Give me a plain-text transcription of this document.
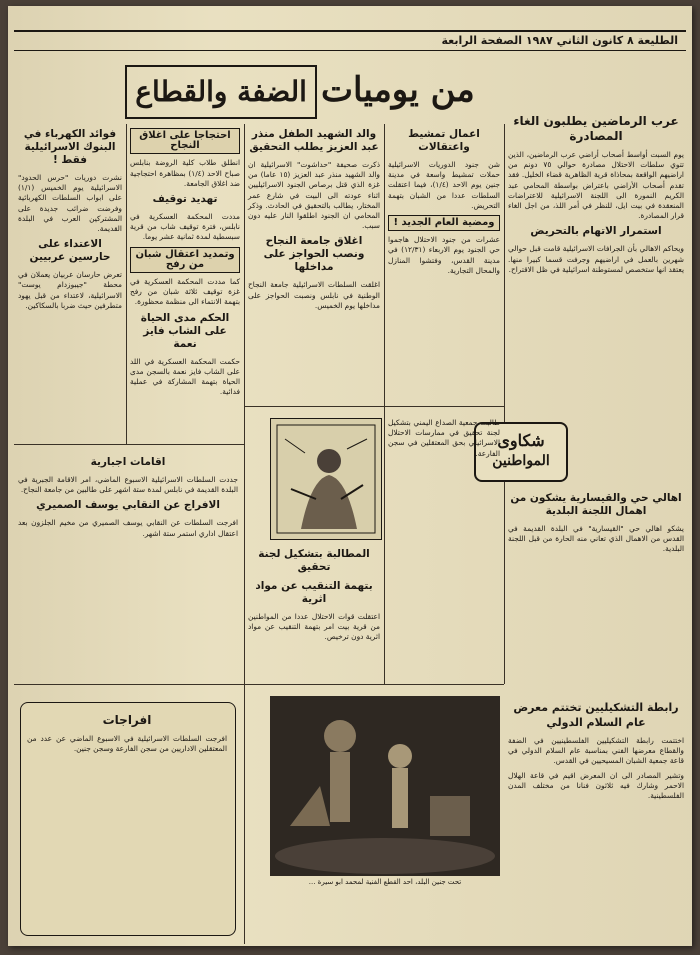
الطليعة ٨ كانون الثاني ١٩٨٧ الصفحة الرابعة
من يومياتالضفة والقطاع
عرب الرماضين يطلبون الغاء المصادرة

يوم السبت أواسط أصحاب أراضي عرب الرماضين، الذين تتوي سلطات الاحتلال مصادرة حوالي ٧٥ دونم من اراضيهم الواقعة بمحاذاة قرية الظاهرية قضاء الخليل. فقد تقدم أصحاب الأراضي باعتراض بواسطة المحامي عبد الكريم النمورة الى اللجنة الاسرائيلية للاعتراضات المنعقدة في بيت ايل، للنظر في أمر اللذ، من اجل الغاء قرار المصادرة.

استمرار الاتهام بالتحريض

ويحاكم الاهالي بأن الجرافات الاسرائيلية قامت قبل حوالي شهرين بالعمل في اراضيهم وجرفت قسما كبيرا منها. يعتقد انها ستخصص لمستوطنة اسرائيلية في ظل الاقتراح.

شكاوى
المواطنين
اهالي حي والقيسارية يشكون من اهمال اللجنة البلدية

يشكو اهالي حي "القيسارية" في البلدة القديمة في القدس من الاهمال الذي تعاني منه الحارة من قبل اللجنة البلدية.

رابطة التشكيليين تختتم معرض عام السلام الدولي

اختتمت رابطة التشكيليين الفلسطينيين في الضفة والقطاع معرضها الفني بمناسبة عام السلام الدولي في قاعة جمعية الشبان المسيحيين في القدس.

وتشير المصادر الى ان المعرض اقيم في قاعة الهلال الاحمر وشارك فيه ثلاثون فنانا من مختلف المدن الفلسطينية.

اعمال تمشيط واعتقالات

شن جنود الدوريات الاسرائيلية حملات تمشيط واسعة في مدينة جنين يوم الاحد (١/٤)، فيما اعتقلت السلطات عددا من الشبان بتهمة التحريض.

ومضية العام الجديد !

عشرات من جنود الاحتلال هاجموا حي الجنود يوم الاربعاء (١٢/٣١) في مدينة القدس، وفتشوا المنازل والمحال التجارية.

طالبت جمعية الصداع اليمني بتشكيل لجنة تحقيق في ممارسات الاحتلال الاسرائيلي بحق المعتقلين في سجن الفارعة.

والد الشهيد الطفل منذر عبد العزيز يطلب التحقيق

ذكرت صحيفة "حداشوت" الاسرائيلية ان والد الشهيد منذر عبد العزيز (١٥ عاما) من غزة الذي قتل برصاص الجنود الاسرائيليين اثناء عودته الى البيت في شارع عمر المختار، يطالب بالتحقيق في الحادث. وذكر المحامي ان الجنود اطلقوا النار عليه دون سبب.

اغلاق جامعة النجاح ونصب الحواجز على مداخلها

اغلقت السلطات الاسرائيلية جامعة النجاح الوطنية في نابلس ونصبت الحواجز على مداخلها يوم الخميس.

المطالبة بتشكيل لجنة تحقيق
بتهمة التنقيب عن مواد اثرية

اعتقلت قوات الاحتلال عددا من المواطنين من قرية بيت امر بتهمة التنقيب عن مواد اثرية دون ترخيص.

احتجاجا على اغلاق النجاح

انطلق طلاب كلية الروضة بنابلس صباح الاحد (١/٤) بمظاهرة احتجاجية ضد اغلاق الجامعة.

تهديد توقيف

مددت المحكمة العسكرية في نابلس، فترة توقيف شاب من قرية سبسطية لمدة ثمانية عشر يوما.

وتمديد اعتقال شبان من رفح

كما مددت المحكمة العسكرية في غزة توقيف ثلاثة شبان من رفح بتهمة الانتماء الى منظمة محظورة.

الحكم مدى الحياة على الشاب فايز نعمة

حكمت المحكمة العسكرية في اللد على الشاب فايز نعمة بالسجن مدى الحياة بتهمة المشاركة في عملية فدائية.

فوائد الكهرباء في البنوك الاسرائيلية فقط !

نشرت دوريات "حرس الحدود" الاسرائيلية يوم الخميس (١/١) على ابواب السلطات الكهربائية وفرضت ضرائب جديدة على المشتركين العرب في البلدة القديمة.

الاعتداء على حارسين عربيين

تعرض حارسان عربيان يعملان في محطة "جيبوزدام يوست" الاسرائيلية، لاعتداء من قبل يهود متطرفين حيث ضربا بالسكاكين.

اقامات اجبارية

جددت السلطات الاسرائيلية الاسبوع الماضي، امر الاقامة الجبرية في البلدة القديمة في نابلس لمدة ستة اشهر على طالبين من جامعة النجاح.

الافراج عن النقابي يوسف الصميري

افرجت السلطات عن النقابي يوسف الصميري من مخيم الجلزون بعد اعتقال اداري استمر ستة اشهر.

افراجات

افرجت السلطات الاسرائيلية في الاسبوع الماضي عن عدد من المعتقلين الاداريين من سجن الفارعة وسجن جنين.

تحت جنين البلد، احد القطع الفنية لمحمد ابو سيرة ...
